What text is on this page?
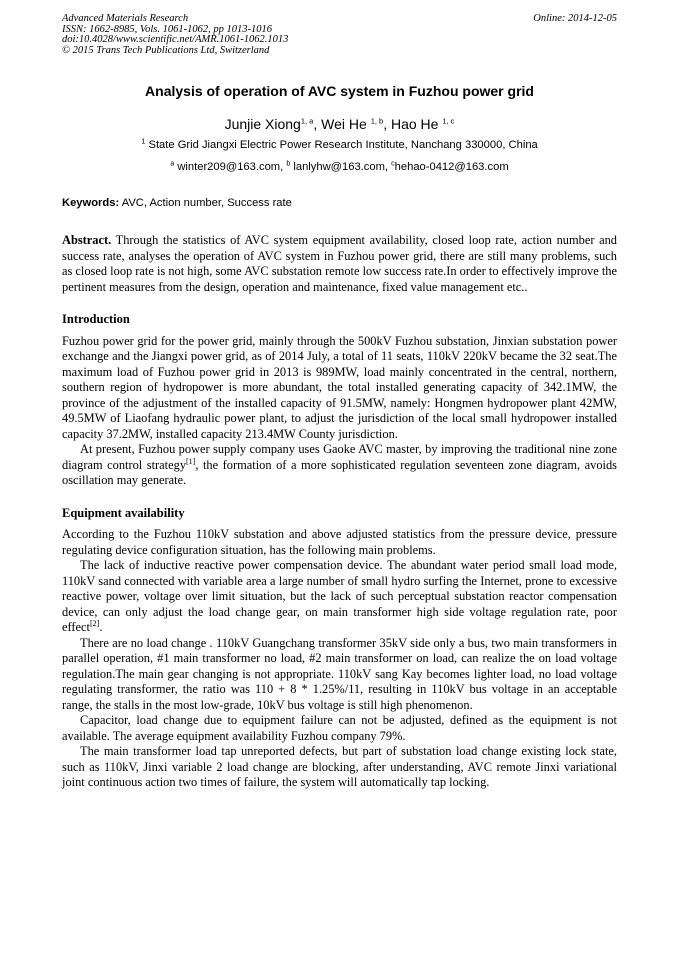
Advanced Materials Research
ISSN: 1662-8985, Vols. 1061-1062, pp 1013-1016
doi:10.4028/www.scientific.net/AMR.1061-1062.1013
© 2015 Trans Tech Publications Ltd, Switzerland
Online: 2014-12-05
Analysis of operation of AVC system in Fuzhou power grid
Junjie Xiong$^{1, a}$, Wei He $^{1, b}$, Hao He $^{1, c}$
$^1$ State Grid Jiangxi Electric Power Research Institute, Nanchang 330000, China
$^a$ winter209@163.com, $^b$ lanlyhw@163.com, $^c$hehao-0412@163.com
Keywords: AVC, Action number, Success rate

Abstract. Through the statistics of AVC system equipment availability, closed loop rate, action number and success rate, analyses the operation of AVC system in Fuzhou power grid, there are still many problems, such as closed loop rate is not high, some AVC substation remote low success rate.In order to effectively improve the pertinent measures from the design, operation and maintenance, fixed value management etc..

Introduction

Fuzhou power grid for the power grid, mainly through the 500kV Fuzhou substation, Jinxian substation power exchange and the Jiangxi power grid, as of 2014 July, a total of 11 seats, 110kV 220kV became the 32 seat.The maximum load of Fuzhou power grid in 2013 is 989MW, load mainly concentrated in the central, northern, southern region of hydropower is more abundant, the total installed generating capacity of 342.1MW, the province of the adjustment of the installed capacity of 91.5MW, namely: Hongmen hydropower plant 42MW, 49.5MW of Liaofang hydraulic power plant, to adjust the jurisdiction of the local small hydropower installed capacity 37.2MW, installed capacity 213.4MW County jurisdiction.

At present, Fuzhou power supply company uses Gaoke AVC master, by improving the traditional nine zone diagram control strategy[1], the formation of a more sophisticated regulation seventeen zone diagram, avoids oscillation may generate.

Equipment availability

According to the Fuzhou 110kV substation and above adjusted statistics from the pressure device, pressure regulating device configuration situation, has the following main problems.

The lack of inductive reactive power compensation device. The abundant water period small load mode, 110kV sand connected with variable area a large number of small hydro surfing the Internet, prone to excessive reactive power, voltage over limit situation, but the lack of such perceptual substation reactor compensation device, can only adjust the load change gear, on main transformer high side voltage regulation rate, poor effect[2].

There are no load change . 110kV Guangchang transformer 35kV side only a bus, two main transformers in parallel operation, #1 main transformer no load, #2 main transformer on load, can realize the on load voltage regulation.The main gear changing is not appropriate. 110kV sang Kay becomes lighter load, no load voltage regulating transformer, the ratio was 110 + 8 * 1.25%/11, resulting in 110kV bus voltage in an acceptable range, the stalls in the most low-grade, 10kV bus voltage is still high phenomenon.

Capacitor, load change due to equipment failure can not be adjusted, defined as the equipment is not available. The average equipment availability Fuzhou company 79%.

The main transformer load tap unreported defects, but part of substation load change existing lock state, such as 110kV, Jinxi variable 2 load change are blocking, after understanding, AVC remote Jinxi variational joint continuous action two times of failure, the system will automatically tap locking.
